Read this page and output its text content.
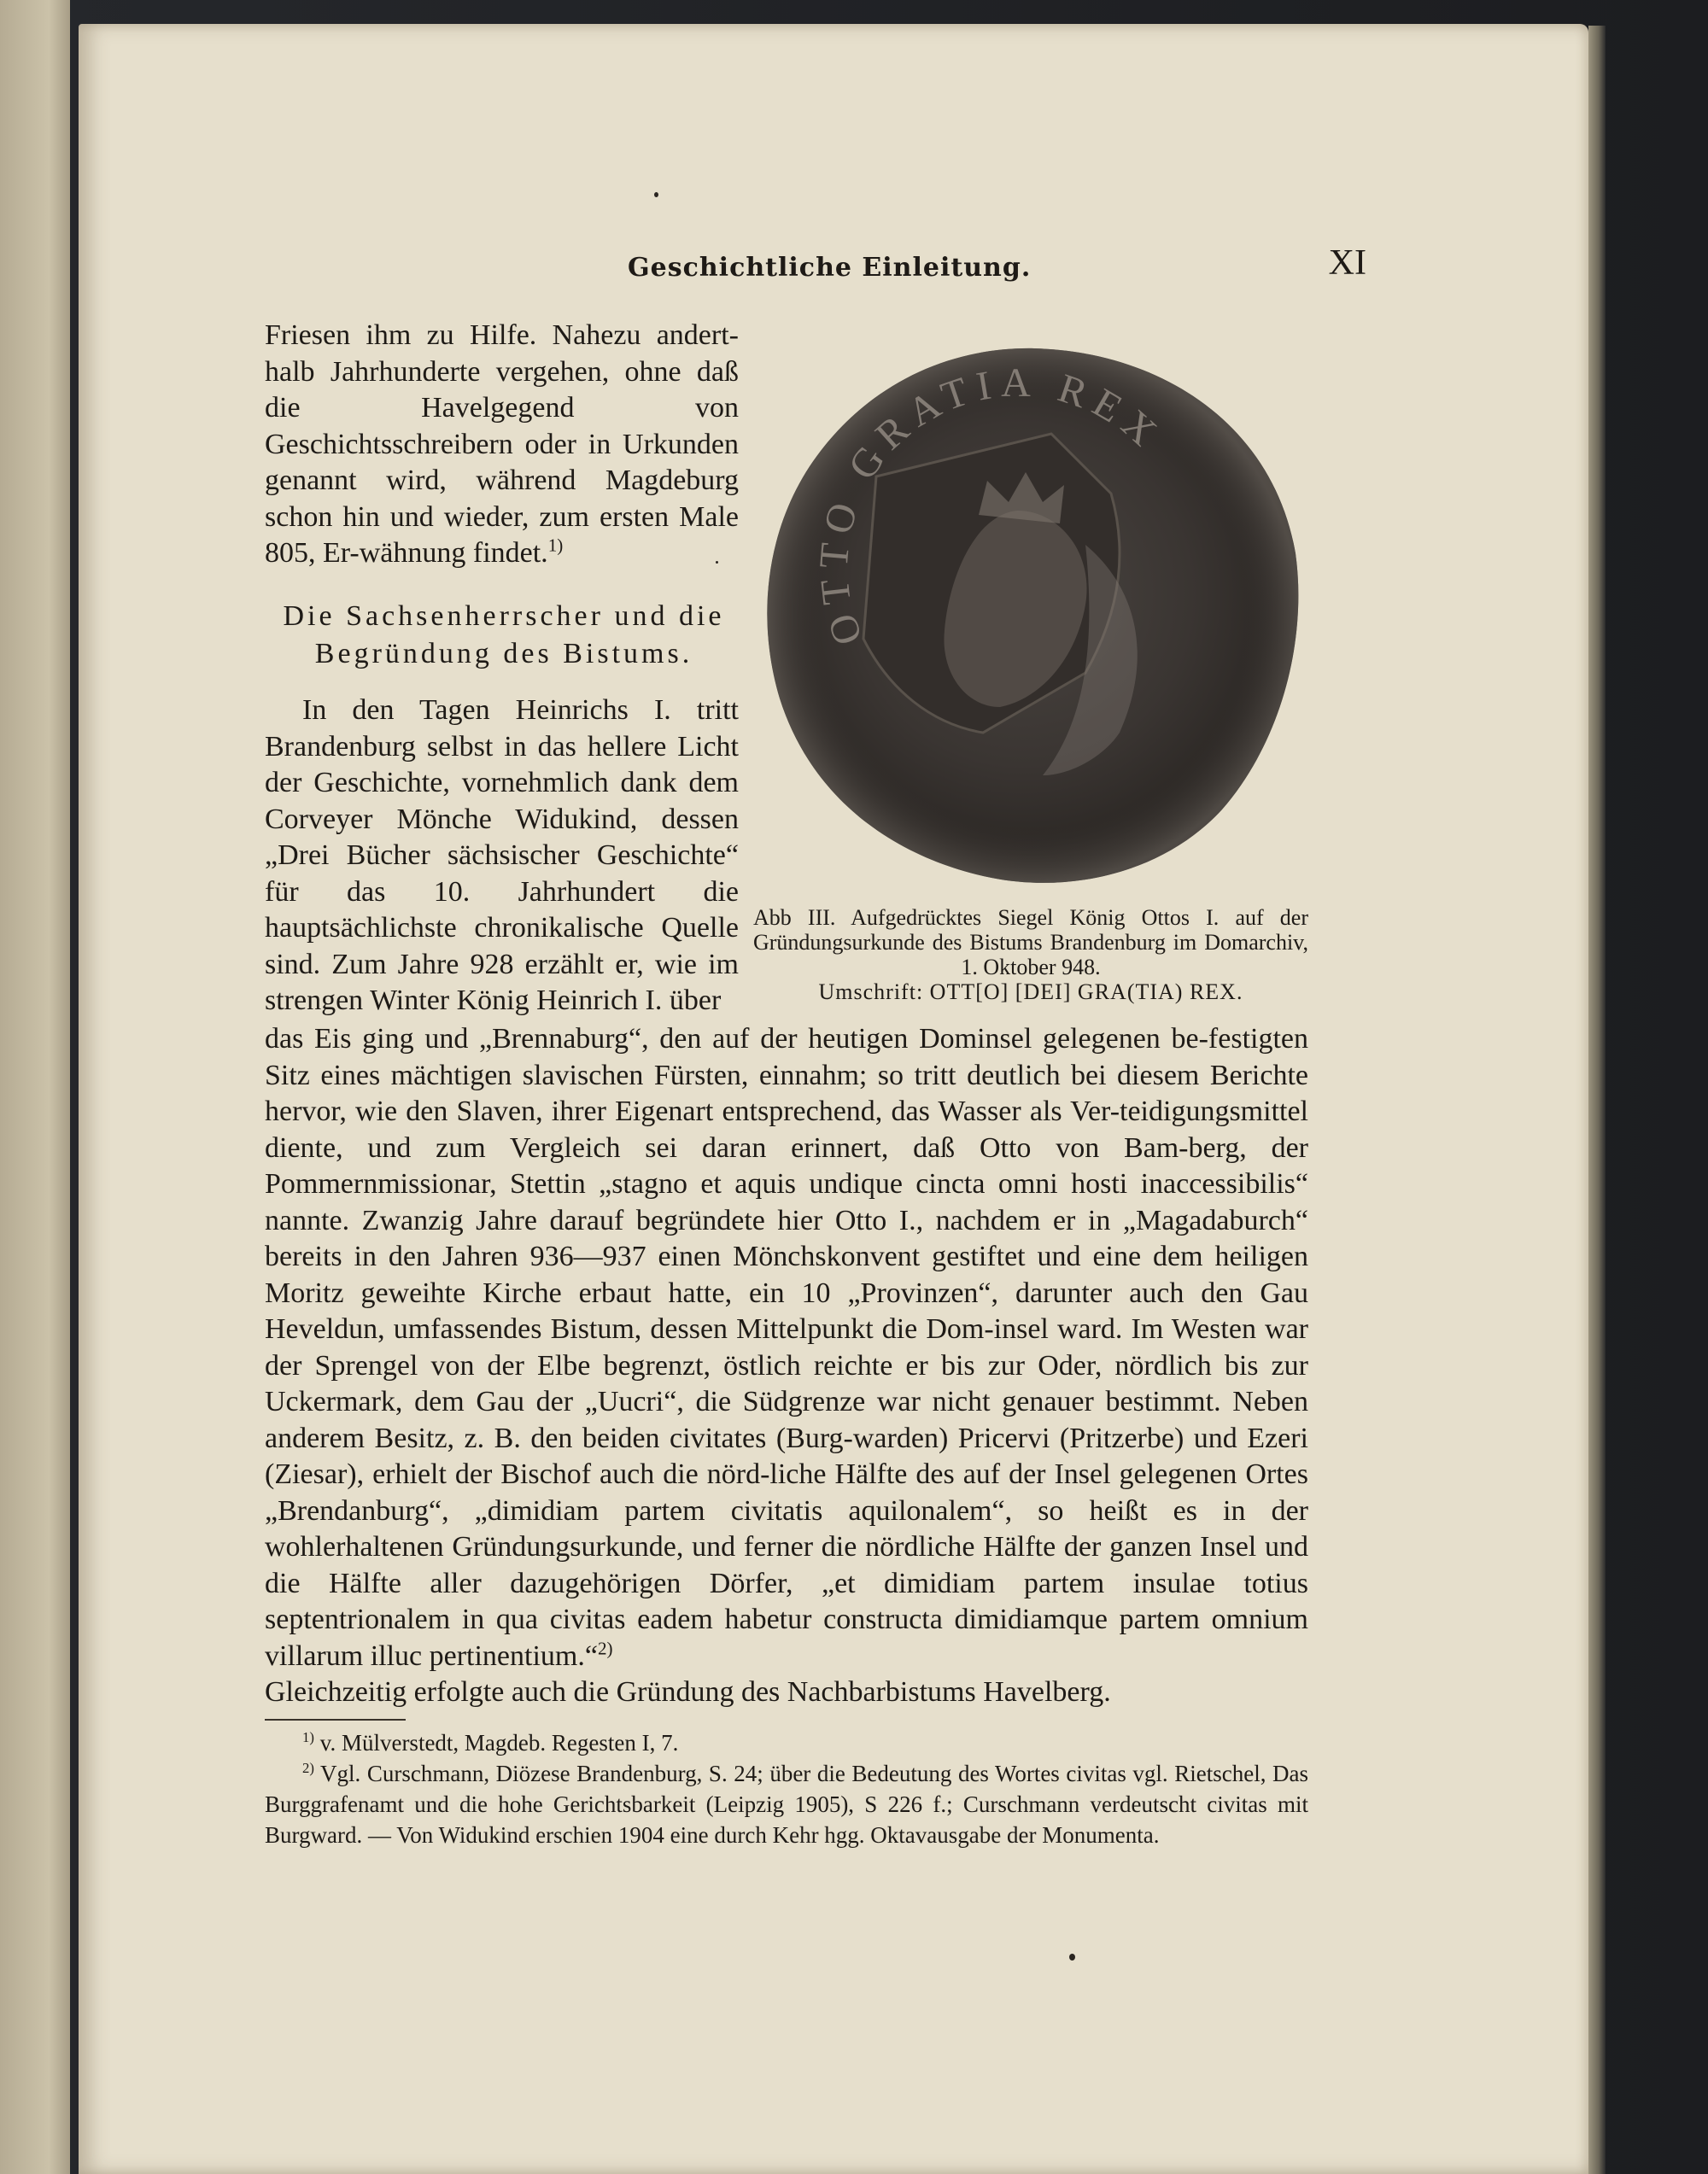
Geschichtliche Einleitung.	XI

Friesen ihm zu Hilfe. Nahezu andert-halb Jahrhunderte vergehen, ohne daß die Havelgegend von Geschichtsschreibern oder in Urkunden genannt wird, während Magdeburg schon hin und wieder, zum ersten Male 805, Er-wähnung findet.$^{1)}$

Die Sachsenherrscher und die
Begründung des Bistums.

In den Tagen Heinrichs I. tritt Brandenburg selbst in das hellere Licht der Geschichte, vornehmlich dank dem Corveyer Mönche Widukind, dessen „Drei Bücher sächsischer Geschichte“ für das 10. Jahrhundert die hauptsächlichste chronikalische Quelle sind. Zum Jahre 928 erzählt er, wie im strengen Winter König Heinrich I. über

das Eis ging und „Brennaburg“, den auf der heutigen Dominsel gelegenen be-festigten Sitz eines mächtigen slavischen Fürsten, einnahm; so tritt deutlich bei diesem Berichte hervor, wie den Slaven, ihrer Eigenart entsprechend, das Wasser als Ver-teidigungsmittel diente, und zum Vergleich sei daran erinnert, daß Otto von Bam-berg, der Pommernmissionar, Stettin „stagno et aquis undique cincta omni hosti inaccessibilis“ nannte. Zwanzig Jahre darauf begründete hier Otto I., nachdem er in „Magadaburch“ bereits in den Jahren 936—937 einen Mönchskonvent gestiftet und eine dem heiligen Moritz geweihte Kirche erbaut hatte, ein 10 „Provinzen“, darunter auch den Gau Heveldun, umfassendes Bistum, dessen Mittelpunkt die Dom-insel ward. Im Westen war der Sprengel von der Elbe begrenzt, östlich reichte er bis zur Oder, nördlich bis zur Uckermark, dem Gau der „Uucri“, die Südgrenze war nicht genauer bestimmt. Neben anderem Besitz, z. B. den beiden civitates (Burg-warden) Pricervi (Pritzerbe) und Ezeri (Ziesar), erhielt der Bischof auch die nörd-liche Hälfte des auf der Insel gelegenen Ortes „Brendanburg“, „dimidiam partem civitatis aquilonalem“, so heißt es in der wohlerhaltenen Gründungsurkunde, und ferner die nördliche Hälfte der ganzen Insel und die Hälfte aller dazugehörigen Dörfer, „et dimidiam partem insulae totius septentrionalem in qua civitas eadem habetur constructa dimidiamque partem omnium villarum illuc pertinentium.“$^{2)}$

Gleichzeitig erfolgte auch die Gründung des Nachbarbistums Havelberg.

OTTO GRATIA REX
Abb III. Aufgedrücktes Siegel König Ottos I. auf der Gründungsurkunde des Bistums Brandenburg im Domarchiv, 1. Oktober 948.
Umschrift: OTT[O] [DEI] GRA(TIA) REX.
$^{1)}$ v. Mülverstedt, Magdeb. Regesten I, 7.
$^{2)}$ Vgl. Curschmann, Diözese Brandenburg, S. 24; über die Bedeutung des Wortes civitas vgl. Rietschel, Das Burggrafenamt und die hohe Gerichtsbarkeit (Leipzig 1905), S 226 f.; Curschmann verdeutscht civitas mit Burgward. — Von Widukind erschien 1904 eine durch Kehr hgg. Oktavausgabe der Monumenta.
